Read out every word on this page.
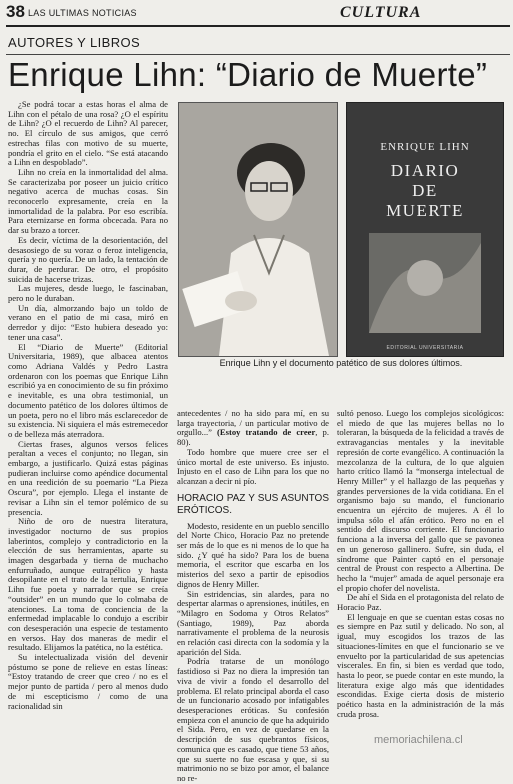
38 LAS ULTIMAS NOTICIAS	CULTURA
AUTORES Y LIBROS
Enrique Lihn: “Diario de Muerte”

¿Se podrá tocar a estas horas el alma de Lihn con el pétalo de una rosa? ¿O el espíritu de Lihn? ¿O el recuerdo de Lihn? Al parecer, no. El círculo de sus amigos, que cerró estrechas filas con motivo de su muerte, pondría el grito en el cielo. “Se está atacando a Lihn en despoblado”.

Lihn no creía en la inmortalidad del alma. Se caracterizaba por poseer un juicio crítico negativo acerca de muchas cosas. Sin reconocerlo expresamente, creía en la inmortalidad de la palabra. Por eso escribía. Para eternizarse en forma obcecada. Para no dar su brazo a torcer.

Es decir, víctima de la desorientación, del desasosiego de su voraz o feroz inteligencia, quería y no quería. De un lado, la tentación de durar, de perdurar. De otro, el propósito suicida de hacerse trizas.

Las mujeres, desde luego, le fascinaban, pero no le duraban.

Un día, almorzando bajo un toldo de verano en el patio de mi casa, miró en derredor y dijo: “Esto hubiera deseado yo: tener una casa”.

El “Diario de Muerte” (Editorial Universitaria, 1989), que albacea atentos como Adriana Valdés y Pedro Lastra ordenaron con los poemas que Enrique Lihn escribió ya en conocimiento de su fin próximo e inevitable, es una obra testimonial, un documento patético de los dolores últimos de un poeta, pero no el libro más esclarecedor de su existencia. Ni siquiera el más estremecedor o de belleza más aterradora.

Ciertas frases, algunos versos felices peraltan a veces el conjunto; no llegan, sin embargo, a justificarlo. Quizá estas páginas pudieran incluirse como apéndice documental en una reedición de su poemario “La Pieza Oscura”, por ejemplo. Llega el instante de revisar a Lihn sin el temor polémico de su presencia.

Niño de oro de nuestra literatura, investigador nocturno de sus propios laberintos, complejo y contradictorio en la elección de sus herramientas, aparte su imagen desgarbada y tierna de muchacho enfurruñado, aunque eutrapélico y hasta desopilante en el trato de la tertulia, Enrique Lihn fue poeta y narrador que se creía “outsider” en un mundo que lo colmaba de atenciones. La toma de conciencia de la enfermedad implacable lo condujo a escribir con desesperación una especie de testamento en versos. Hay dos maneras de medir el resultado. Elijamos la patética, no la estética.

Su intelectualizada visión del devenir póstumo se pone de relieve en estas líneas: “Estoy tratando de creer que creo / no es el mejor punto de partida / pero al menos dudo de mi escepticismo / como de una racionalidad sin

ENRIQUE LIHN
DIARIO
DE
MUERTE
EDITORIAL UNIVERSITARIA
Enrique Lihn y el documento patético de sus dolores últimos.

antecedentes / no ha sido para mí, en su larga trayectoria, / un particular motivo de orgullo...” (Estoy tratando de creer, p. 80).

Todo hombre que muere cree ser el único mortal de este universo. Es injusto. Injusto en el caso de Lihn para los que no alcanzan a decir ni pío.

HORACIO PAZ Y SUS ASUNTOS ERÓTICOS.

Modesto, residente en un pueblo sencillo del Norte Chico, Horacio Paz no pretende ser más de lo que es ni menos de lo que ha sido. ¿Y qué ha sido? Para los de buena memoria, el escritor que escarba en los misterios del sexo a partir de episodios dignos de Henry Miller.

Sin estridencias, sin alardes, para no despertar alarmas o aprensiones, inútiles, en “Milagro en Sodoma y Otros Relatos” (Santiago, 1989), Paz aborda narrativamente el problema de la neurosis en relación casi directa con la sodomía y la aparición del Sida.

Podría tratarse de un monólogo fastidioso si Paz no diera la impresión tan viva de vivir a fondo el desarrollo del problema. El relato principal aborda el caso de un funcionario acosado por infatigables desesperaciones eróticas. Su confesión empieza con el anuncio de que ha adquirido el Sida. Pero, en vez de quedarse en la descripción de sus quebrantos físicos, comunica que es casado, que tiene 53 años, que su suerte no fue escasa y que, si su matrimonio no se bizo por amor, el balance no re-

sultó penoso. Luego los complejos sicológicos: el miedo de que las mujeres bellas no lo toleraran, la búsqueda de la felicidad a través de extravagancias mentales y la inevitable represión de corte evangélico. A continuación la mezcolanza de la cultura, de lo que alguien harto crítico llamó la “monserga intelectual de Henry Miller” y el hallazgo de las pequeñas y grandes perversiones de la vida cotidiana. En el organismo bajo su mando, el funcionario encuentra un ejército de mujeres. A él lo impulsa sólo el afán erótico. Pero no en el sentido del discurso corriente. El funcionario funciona a la inversa del gallo que se pavonea en un generoso gallinero. Sufre, sin duda, el síndrome que Painter captó en el personaje central de Proust con respecto a Albertina. De hecho la “mujer” amada de aquel personaje era el propio chofer del novelista.

De ahí el Sida en el protagonista del relato de Horacio Paz.

El lenguaje en que se cuentan estas cosas no es siempre en Paz sutil y delicado. No son, al igual, muy escogidos los trazos de las situaciones-límites en que el funcionario se ve envuelto por la particularidad de sus apetencias viscerales. En fin, si bien es verdad que todo, hasta lo peor, se puede contar en este mundo, la literatura exige algo más que identidades escondidas. Exige cierta dosis de misterio poético hasta en la administración de la más cruda prosa.

memoriachilena.cl
